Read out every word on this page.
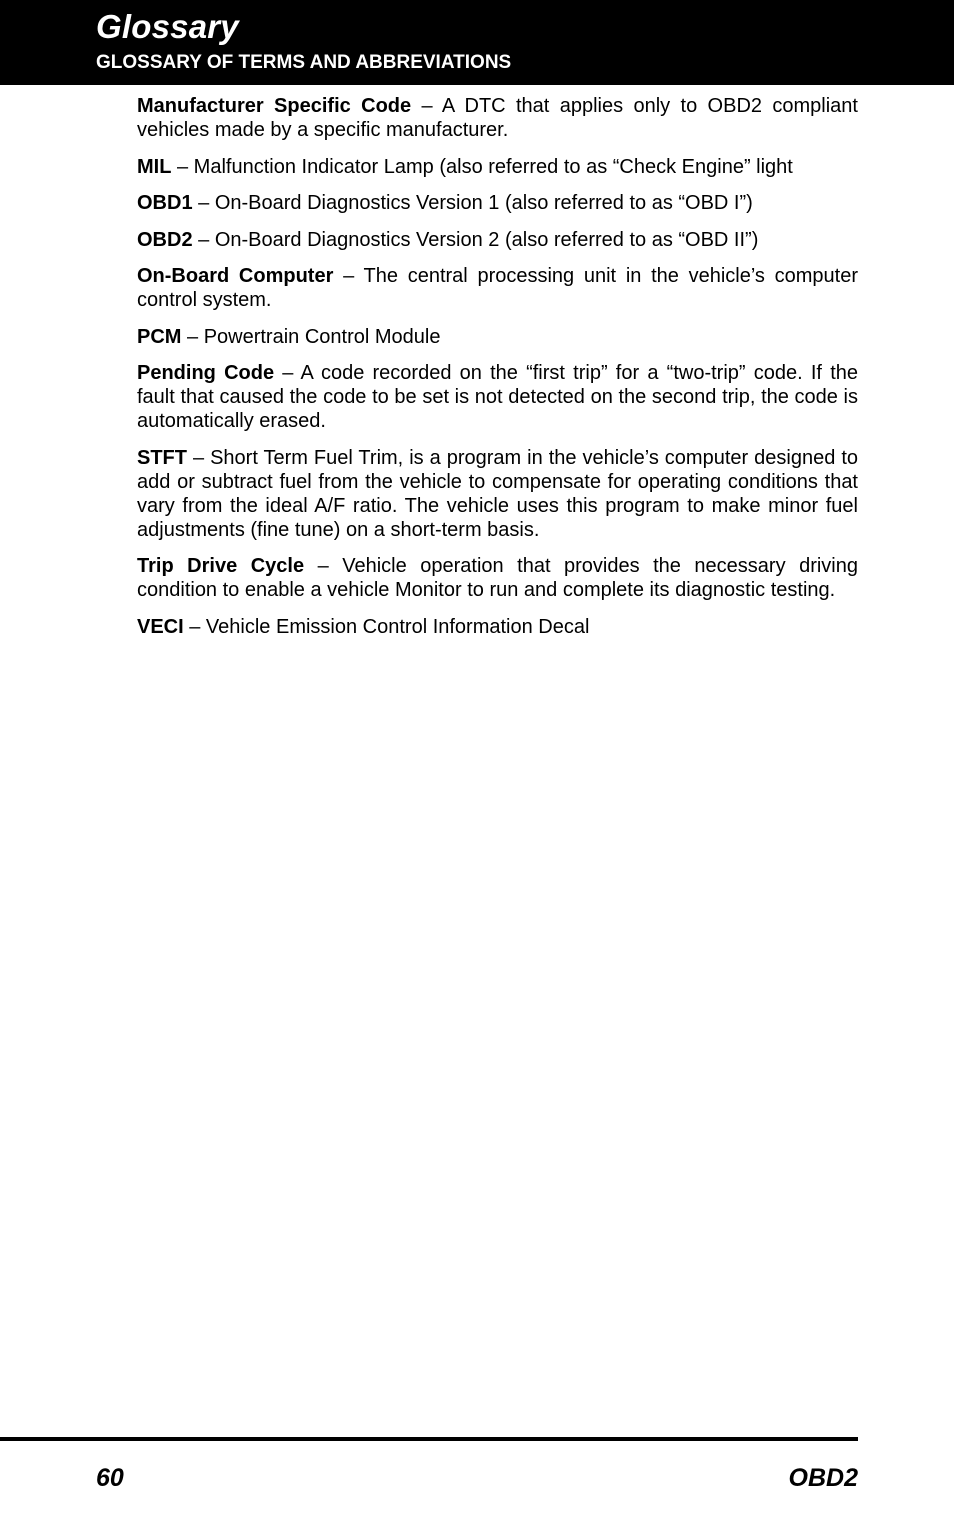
Glossary
GLOSSARY OF TERMS AND ABBREVIATIONS

Manufacturer Specific Code – A DTC that applies only to OBD2 compliant vehicles made by a specific manufacturer.

MIL – Malfunction Indicator Lamp (also referred to as “Check Engine” light

OBD1 – On-Board Diagnostics Version 1 (also referred to as “OBD I”)

OBD2 – On-Board Diagnostics Version 2 (also referred to as “OBD II”)

On-Board Computer – The central processing unit in the vehicle’s computer control system.

PCM – Powertrain Control Module

Pending Code – A code recorded on the “first trip” for a “two-trip” code. If the fault that caused the code to be set is not detected on the second trip, the code is automatically erased.

STFT – Short Term Fuel Trim, is a program in the vehicle’s computer designed to add or subtract fuel from the vehicle to compensate for operating conditions that vary from the ideal A/F ratio. The vehicle uses this program to make minor fuel adjustments (fine tune) on a short-term basis.

Trip Drive Cycle – Vehicle operation that provides the necessary driving condition to enable a vehicle Monitor to run and complete its diagnostic testing.

VECI – Vehicle Emission Control Information Decal

60	OBD2
